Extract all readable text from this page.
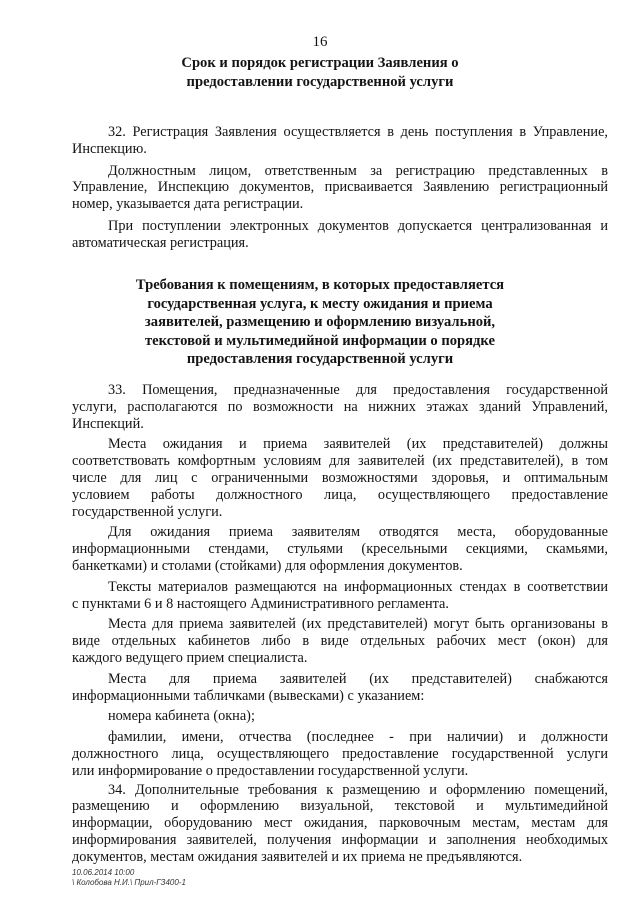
16
Срок и порядок регистрации Заявления о
предоставлении государственной услуги
32. Регистрация Заявления осуществляется в день поступления в Управление,
Инспекцию.
Должностным лицом, ответственным за регистрацию представленных в
Управление, Инспекцию документов, присваивается Заявлению регистрационный
номер, указывается дата регистрации.
При поступлении электронных документов допускается централизованная и
автоматическая регистрация.
Требования к помещениям, в которых предоставляется
государственная услуга, к месту ожидания и приема
заявителей, размещению и оформлению визуальной,
текстовой и мультимедийной информации о порядке
предоставления государственной услуги
33. Помещения, предназначенные для предоставления государственной
услуги, располагаются по возможности на нижних этажах зданий Управлений,
Инспекций.
Места ожидания и приема заявителей (их представителей) должны
соответствовать комфортным условиям для заявителей (их представителей), в том
числе для лиц с ограниченными возможностями здоровья, и оптимальным
условием работы должностного лица, осуществляющего предоставление
государственной услуги.
Для ожидания приема заявителям отводятся места, оборудованные
информационными стендами, стульями (кресельными секциями, скамьями,
банкетками) и столами (стойками) для оформления документов.
Тексты материалов размещаются на информационных стендах в соответствии
с пунктами 6 и 8 настоящего Административного регламента.
Места для приема заявителей (их представителей) могут быть организованы в
виде отдельных кабинетов либо в виде отдельных рабочих мест (окон) для
каждого ведущего прием специалиста.
Места для приема заявителей (их представителей) снабжаются
информационными табличками (вывесками) с указанием:
номера кабинета (окна);
фамилии, имени, отчества (последнее - при наличии) и должности
должностного лица, осуществляющего предоставление государственной услуги
или информирование о предоставлении государственной услуги.
34. Дополнительные требования к размещению и оформлению помещений,
размещению и оформлению визуальной, текстовой и мультимедийной
информации, оборудованию мест ожидания, парковочным местам, местам для
информирования заявителей, получения информации и заполнения необходимых
документов, местам ожидания заявителей и их приема не предъявляются.
10.06.2014 10:00
\ Колобова Н.И.\ Прил-ГЗ400-1
